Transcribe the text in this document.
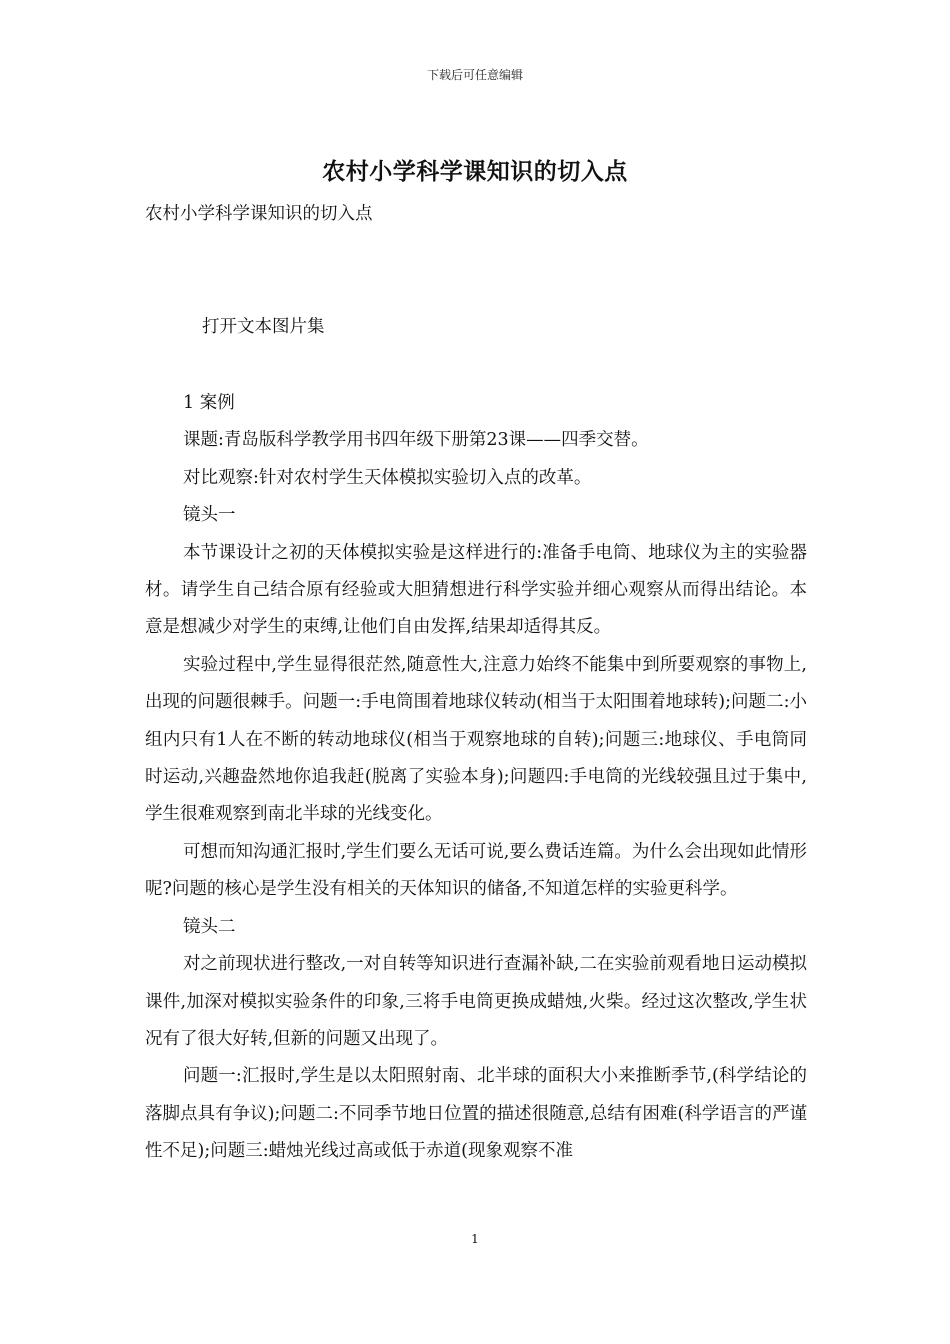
下载后可任意编辑
农村小学科学课知识的切入点
农村小学科学课知识的切入点
打开文本图片集

1 案例

课题:青岛版科学教学用书四年级下册第23课——四季交替。

对比观察:针对农村学生天体模拟实验切入点的改革。

镜头一

本节课设计之初的天体模拟实验是这样进行的:准备手电筒、地球仪为主的实验器材。请学生自己结合原有经验或大胆猜想进行科学实验并细心观察从而得出结论。本意是想减少对学生的束缚,让他们自由发挥,结果却适得其反。

实验过程中,学生显得很茫然,随意性大,注意力始终不能集中到所要观察的事物上,出现的问题很棘手。问题一:手电筒围着地球仪转动(相当于太阳围着地球转);问题二:小组内只有1人在不断的转动地球仪(相当于观察地球的自转);问题三:地球仪、手电筒同时运动,兴趣盎然地你追我赶(脱离了实验本身);问题四:手电筒的光线较强且过于集中,学生很难观察到南北半球的光线变化。

可想而知沟通汇报时,学生们要么无话可说,要么费话连篇。为什么会出现如此情形呢?问题的核心是学生没有相关的天体知识的储备,不知道怎样的实验更科学。

镜头二

对之前现状进行整改,一对自转等知识进行查漏补缺,二在实验前观看地日运动模拟课件,加深对模拟实验条件的印象,三将手电筒更换成蜡烛,火柴。经过这次整改,学生状况有了很大好转,但新的问题又出现了。

问题一:汇报时,学生是以太阳照射南、北半球的面积大小来推断季节,(科学结论的落脚点具有争议);问题二:不同季节地日位置的描述很随意,总结有困难(科学语言的严谨性不足);问题三:蜡烛光线过高或低于赤道(现象观察不准

1
